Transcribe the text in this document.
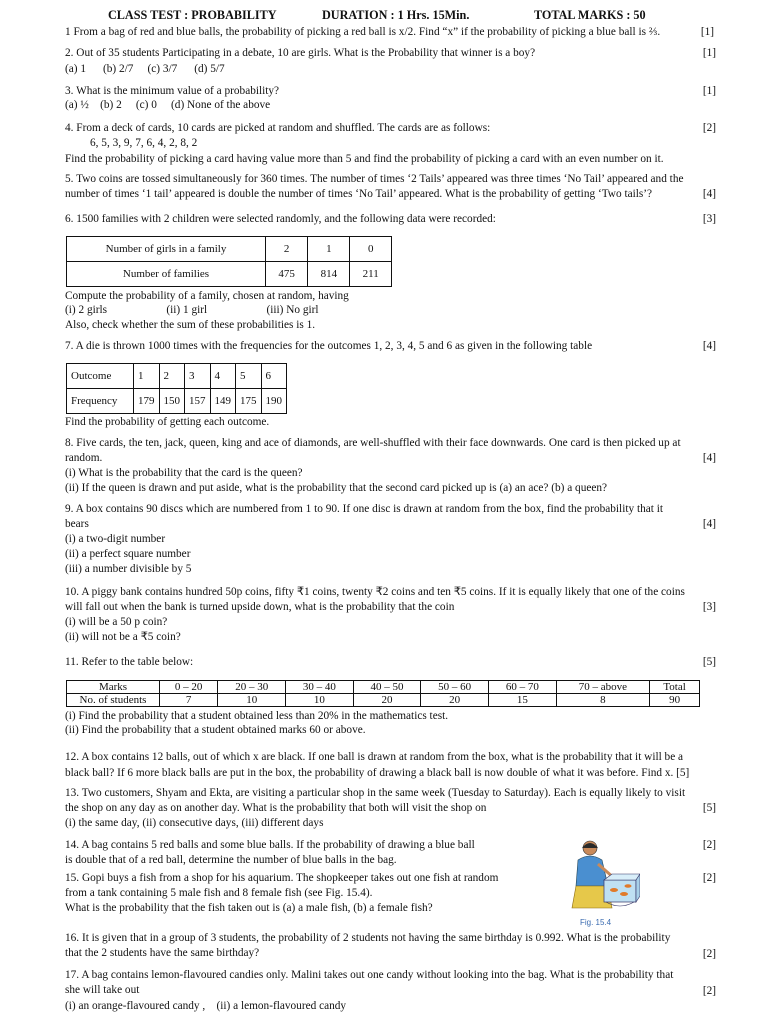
CLASS TEST : PROBABILITY	DURATION : 1 Hrs. 15Min.	TOTAL MARKS : 50
1 From a bag of red and blue balls, the probability of picking a red ball is x/2. Find “x” if the probability of picking a blue ball is ⅔.	[1]
2. Out of 35 students Participating in a debate, 10 are girls. What is the Probability that winner is a boy?	[1]
(a) 1      (b) 2/7     (c) 3/7      (d) 5/7
3. What is the minimum value of a probability?	[1]
(a) ½    (b) 2     (c) 0     (d) None of the above
4. From a deck of cards, 10 cards are picked at random and shuffled. The cards are as follows:	[2]
6, 5, 3, 9, 7, 6, 4, 2, 8, 2
Find the probability of picking a card having value more than 5 and find the probability of picking a card with an even number on it.
5. Two coins are tossed simultaneously for 360 times. The number of times ‘2 Tails’ appeared was three times ‘No Tail’ appeared and the
number of times ‘1 tail’ appeared is double the number of times ‘No Tail’ appeared. What is the probability of getting ‘Two tails’?	[4]
6. 1500 families with 2 children were selected randomly, and the following data were recorded:	[3]
Number of girls in a family	2	1	0
Number of families	475	814	211
Compute the probability of a family, chosen at random, having
(i) 2 girls                     (ii) 1 girl                     (iii) No girl
Also, check whether the sum of these probabilities is 1.
7. A die is thrown 1000 times with the frequencies for the outcomes 1, 2, 3, 4, 5 and 6 as given in the following table	[4]
Outcome	1	2	3	4	5	6
Frequency	179	150	157	149	175	190
Find the probability of getting each outcome.
8. Five cards, the ten, jack, queen, king and ace of diamonds, are well-shuffled with their face downwards. One card is then picked up at
random.	[4]
(i) What is the probability that the card is the queen?
(ii) If the queen is drawn and put aside, what is the probability that the second card picked up is (a) an ace? (b) a queen?
9. A box contains 90 discs which are numbered from 1 to 90. If one disc is drawn at random from the box, find the probability that it
bears	[4]
(i) a two-digit number
(ii) a perfect square number
(iii) a number divisible by 5
10. A piggy bank contains hundred 50p coins, fifty ₹1 coins, twenty ₹2 coins and ten ₹5 coins. If it is equally likely that one of the coins
will fall out when the bank is turned upside down, what is the probability that the coin	[3]
(i) will be a 50 p coin?
(ii) will not be a ₹5 coin?
11. Refer to the table below:	[5]
Marks	0 – 20	20 – 30	30 – 40	40 – 50	50 – 60	60 – 70	70 – above	Total
No. of students	7	10	10	20	20	15	8	90
(i) Find the probability that a student obtained less than 20% in the mathematics test.
(ii) Find the probability that a student obtained marks 60 or above.
12. A box contains 12 balls, out of which x are black. If one ball is drawn at random from the box, what is the probability that it will be a
black ball? If 6 more black balls are put in the box, the probability of drawing a black ball is now double of what it was before. Find x. [5]
13. Two customers, Shyam and Ekta, are visiting a particular shop in the same week (Tuesday to Saturday). Each is equally likely to visit
the shop on any day as on another day. What is the probability that both will visit the shop on	[5]
(i) the same day, (ii) consecutive days, (iii) different days
14. A bag contains 5 red balls and some blue balls. If the probability of drawing a blue ball	[2]
is double that of a red ball, determine the number of blue balls in the bag.
15. Gopi buys a fish from a shop for his aquarium. The shopkeeper takes out one fish at random	[2]
from a tank containing 5 male fish and 8 female fish (see Fig. 15.4).
What is the probability that the fish taken out is (a) a male fish, (b) a female fish?
Fig. 15.4
16. It is given that in a group of 3 students, the probability of 2 students not having the same birthday is 0.992. What is the probability
that the 2 students have the same birthday?	[2]
17. A bag contains lemon-flavoured candies only. Malini takes out one candy without looking into the bag. What is the probability that
she will take out	[2]
(i) an orange-flavoured candy ,    (ii) a lemon-flavoured candy
